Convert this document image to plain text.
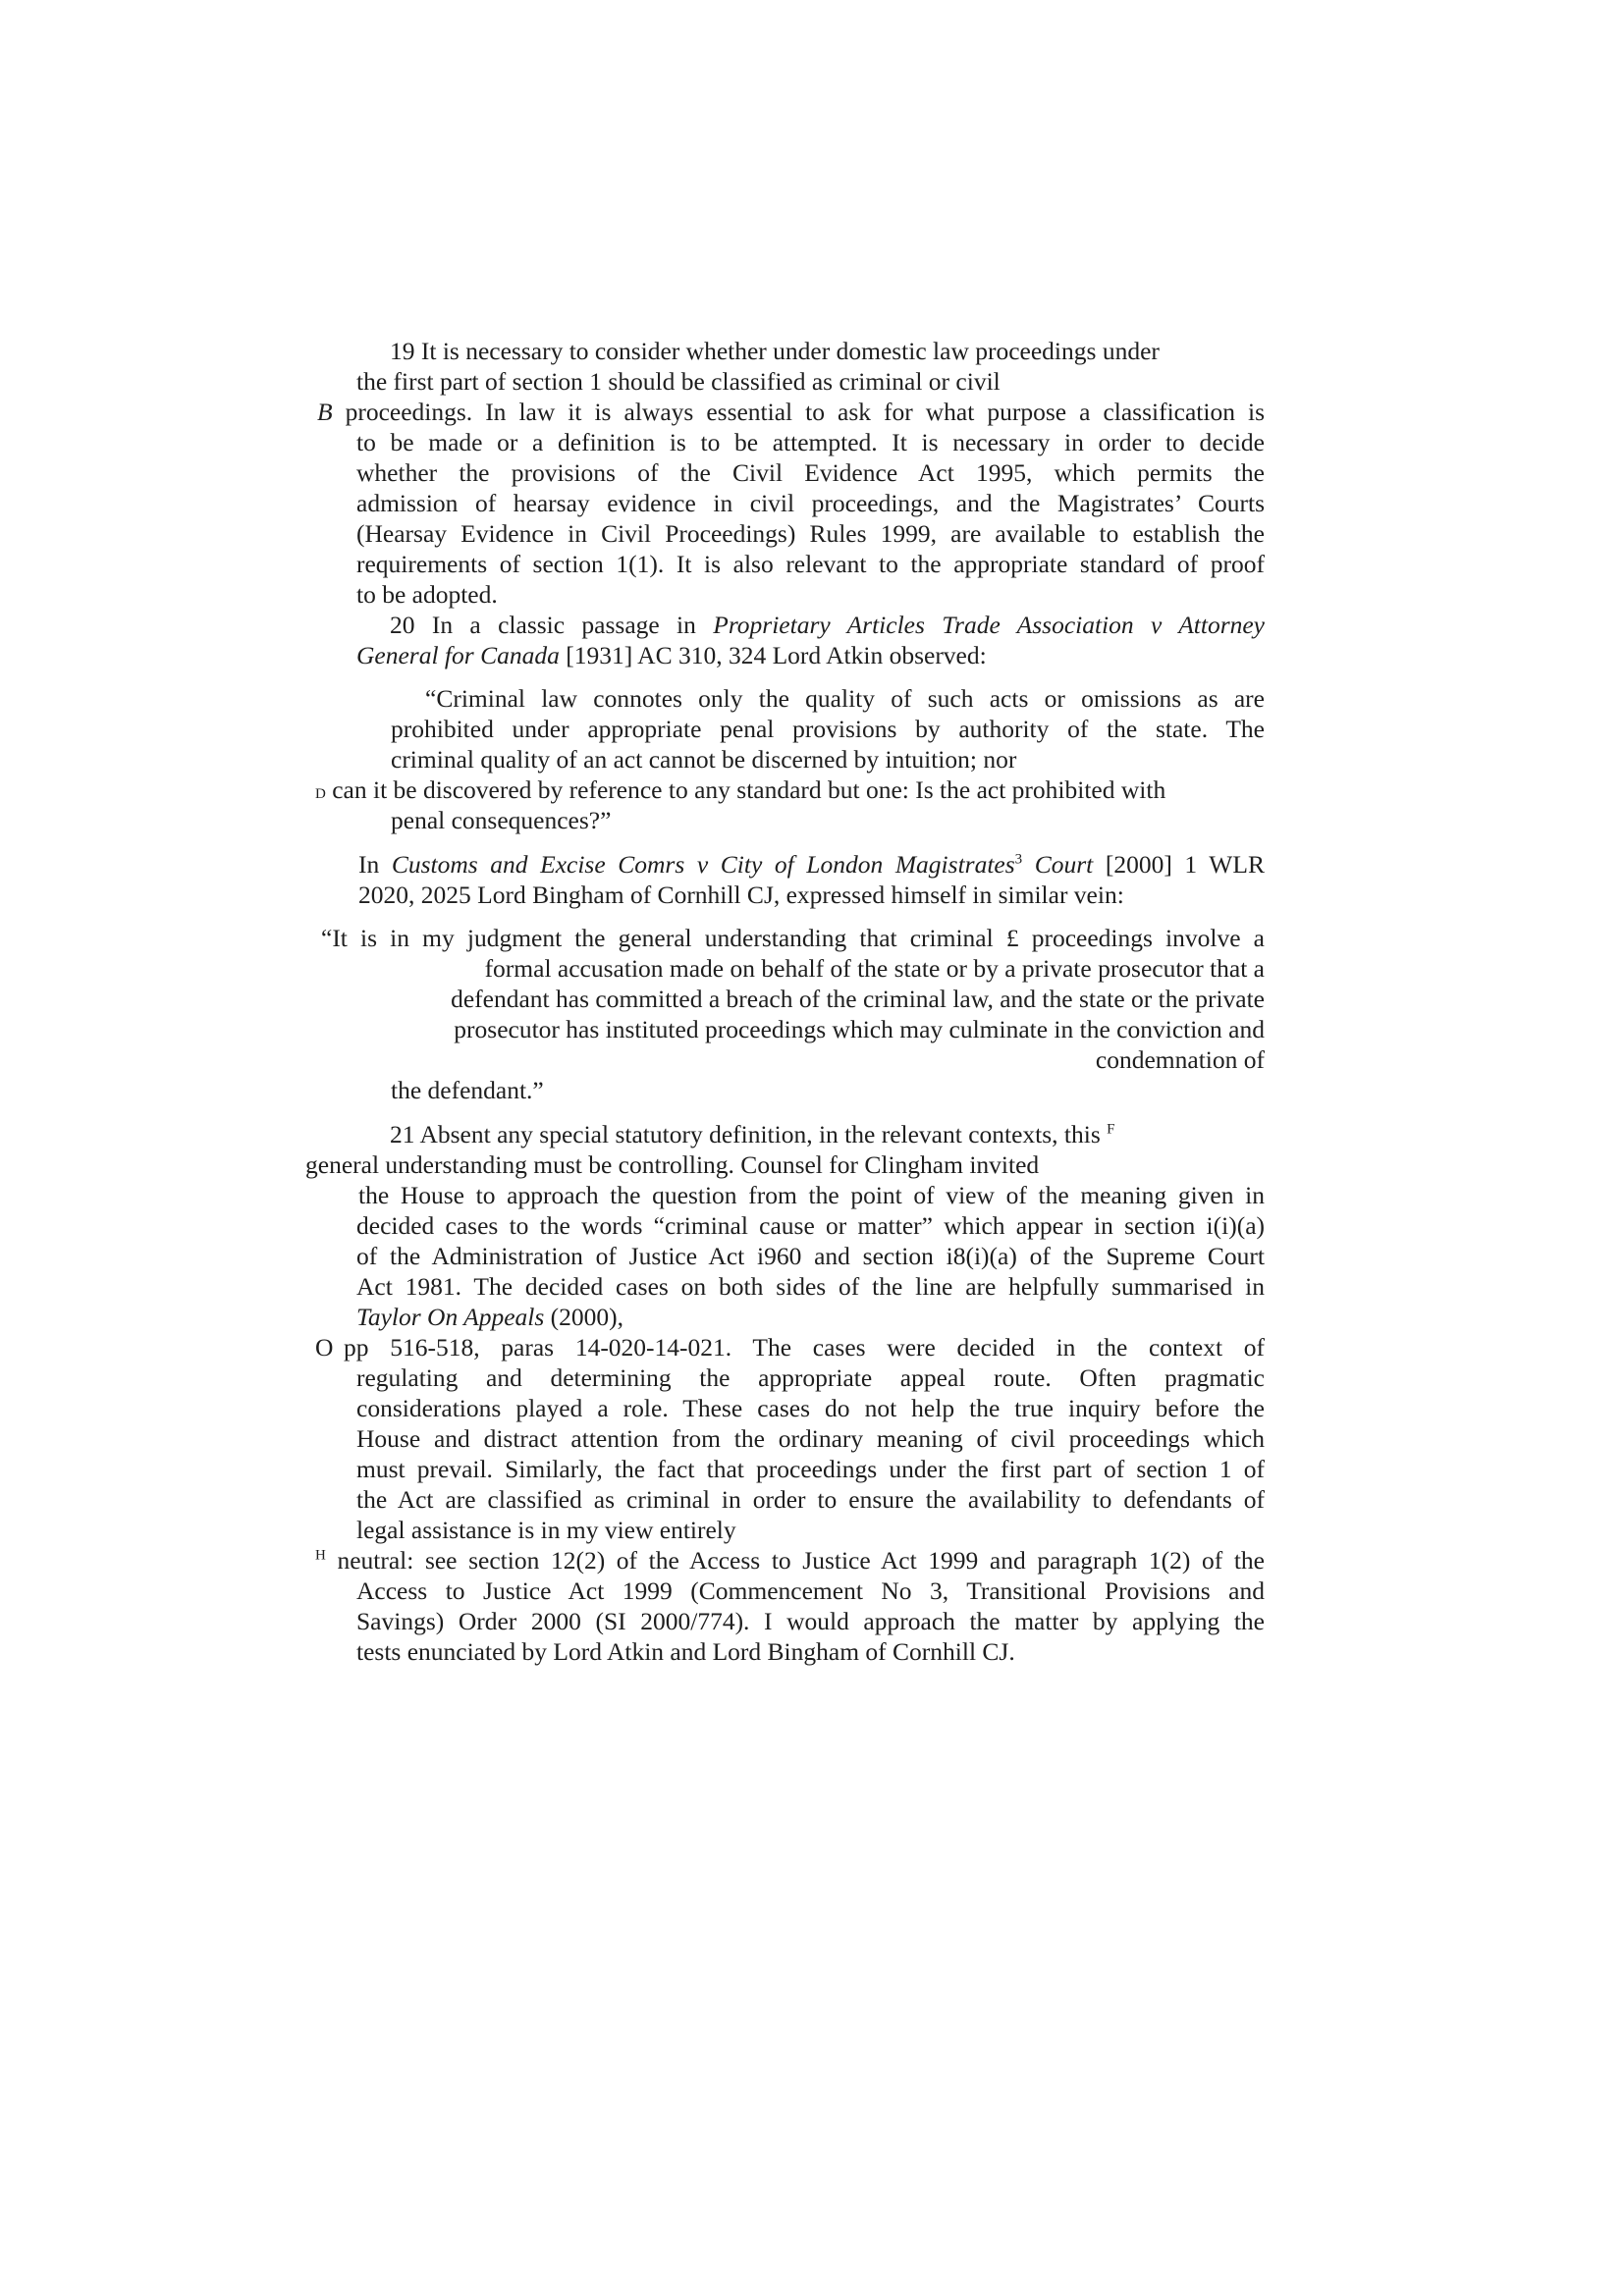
19 It is necessary to consider whether under domestic law proceedings under
the first part of section 1 should be classified as criminal or civil
B proceedings. In law it is always essential to ask for what purpose a classification is
to be made or a definition is to be attempted. It is necessary in order to decide
whether the provisions of the Civil Evidence Act 1995, which permits the
admission of hearsay evidence in civil proceedings, and the Magistrates’ Courts
(Hearsay Evidence in Civil Proceedings) Rules 1999, are available to establish the
requirements of section 1(1). It is also relevant to the appropriate standard of proof
to be adopted.
20 In a classic passage in Proprietary Articles Trade Association v Attorney
General for Canada [1931] AC 310, 324 Lord Atkin observed:
“Criminal law connotes only the quality of such acts or omissions as are
prohibited under appropriate penal provisions by authority of the state. The
criminal quality of an act cannot be discerned by intuition; nor
D can it be discovered by reference to any standard but one: Is the act prohibited with
penal consequences?”
In Customs and Excise Comrs v City of London Magistrates$^3$ Court [2000] 1 WLR
2020, 2025 Lord Bingham of Cornhill CJ, expressed himself in similar vein:
“It is in my judgment the general understanding that criminal £ proceedings involve a
formal accusation made on behalf of the state or by a private prosecutor that a
defendant has committed a breach of the criminal law, and the state or the private
prosecutor has instituted proceedings which may culminate in the conviction and
condemnation of
the defendant.”
21 Absent any special statutory definition, in the relevant contexts, this $^F$
general understanding must be controlling. Counsel for Clingham invited
the House to approach the question from the point of view of the meaning given in
decided cases to the words “criminal cause or matter” which appear in section i(i)(a)
of the Administration of Justice Act i960 and section i8(i)(a) of the Supreme Court
Act 1981. The decided cases on both sides of the line are helpfully summarised in
Taylor On Appeals (2000),
O pp 516-518, paras 14-020-14-021. The cases were decided in the context of
regulating and determining the appropriate appeal route. Often pragmatic
considerations played a role. These cases do not help the true inquiry before the
House and distract attention from the ordinary meaning of civil proceedings which
must prevail. Similarly, the fact that proceedings under the first part of section 1 of
the Act are classified as criminal in order to ensure the availability to defendants of
legal assistance is in my view entirely
$^H$ neutral: see section 12(2) of the Access to Justice Act 1999 and paragraph 1(2) of the
Access to Justice Act 1999 (Commencement No 3, Transitional Provisions and
Savings) Order 2000 (SI 2000/774). I would approach the matter by applying the
tests enunciated by Lord Atkin and Lord Bingham of Cornhill CJ.
